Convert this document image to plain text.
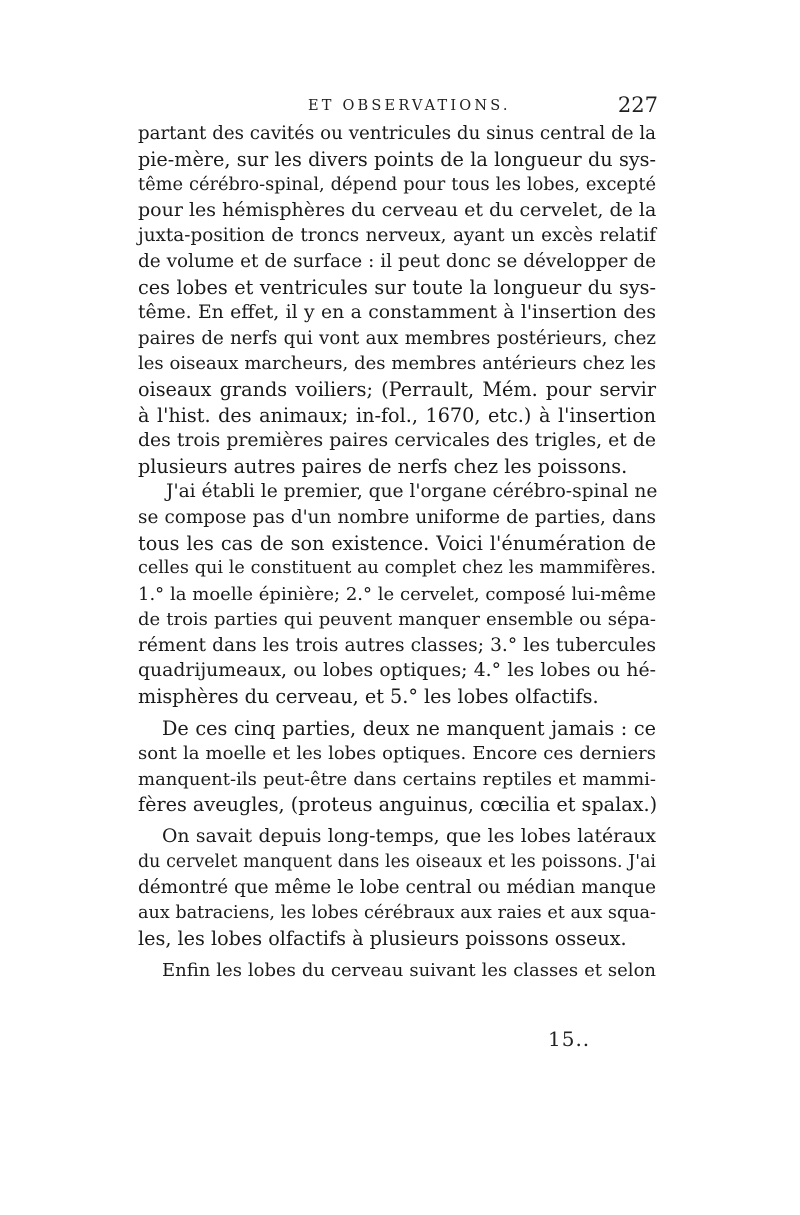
ET OBSERVATIONS.	227
partant des cavités ou ventricules du sinus central de la
pie-mère, sur les divers points de la longueur du sys-
tême cérébro-spinal, dépend pour tous les lobes, excepté
pour les hémisphères du cerveau et du cervelet, de la
juxta-position de troncs nerveux, ayant un excès relatif
de volume et de surface : il peut donc se développer de
ces lobes et ventricules sur toute la longueur du sys-
tême. En effet, il y en a constamment à l'insertion des
paires de nerfs qui vont aux membres postérieurs, chez
les oiseaux marcheurs, des membres antérieurs chez les
oiseaux grands voiliers; (Perrault, Mém. pour servir
à l'hist. des animaux; in-fol., 1670, etc.) à l'insertion
des trois premières paires cervicales des trigles, et de
plusieurs autres paires de nerfs chez les poissons.
J'ai établi le premier, que l'organe cérébro-spinal ne
se compose pas d'un nombre uniforme de parties, dans
tous les cas de son existence. Voici l'énumération de
celles qui le constituent au complet chez les mammifères.
1.° la moelle épinière; 2.° le cervelet, composé lui-même
de trois parties qui peuvent manquer ensemble ou sépa-
rément dans les trois autres classes; 3.° les tubercules
quadrijumeaux, ou lobes optiques; 4.° les lobes ou hé-
misphères du cerveau, et 5.° les lobes olfactifs.
De ces cinq parties, deux ne manquent jamais : ce
sont la moelle et les lobes optiques. Encore ces derniers
manquent-ils peut-être dans certains reptiles et mammi-
fères aveugles, (proteus anguinus, cœcilia et spalax.)
On savait depuis long-temps, que les lobes latéraux
du cervelet manquent dans les oiseaux et les poissons. J'ai
démontré que même le lobe central ou médian manque
aux batraciens, les lobes cérébraux aux raies et aux squa-
les, les lobes olfactifs à plusieurs poissons osseux.
Enfin les lobes du cerveau suivant les classes et selon
15..
